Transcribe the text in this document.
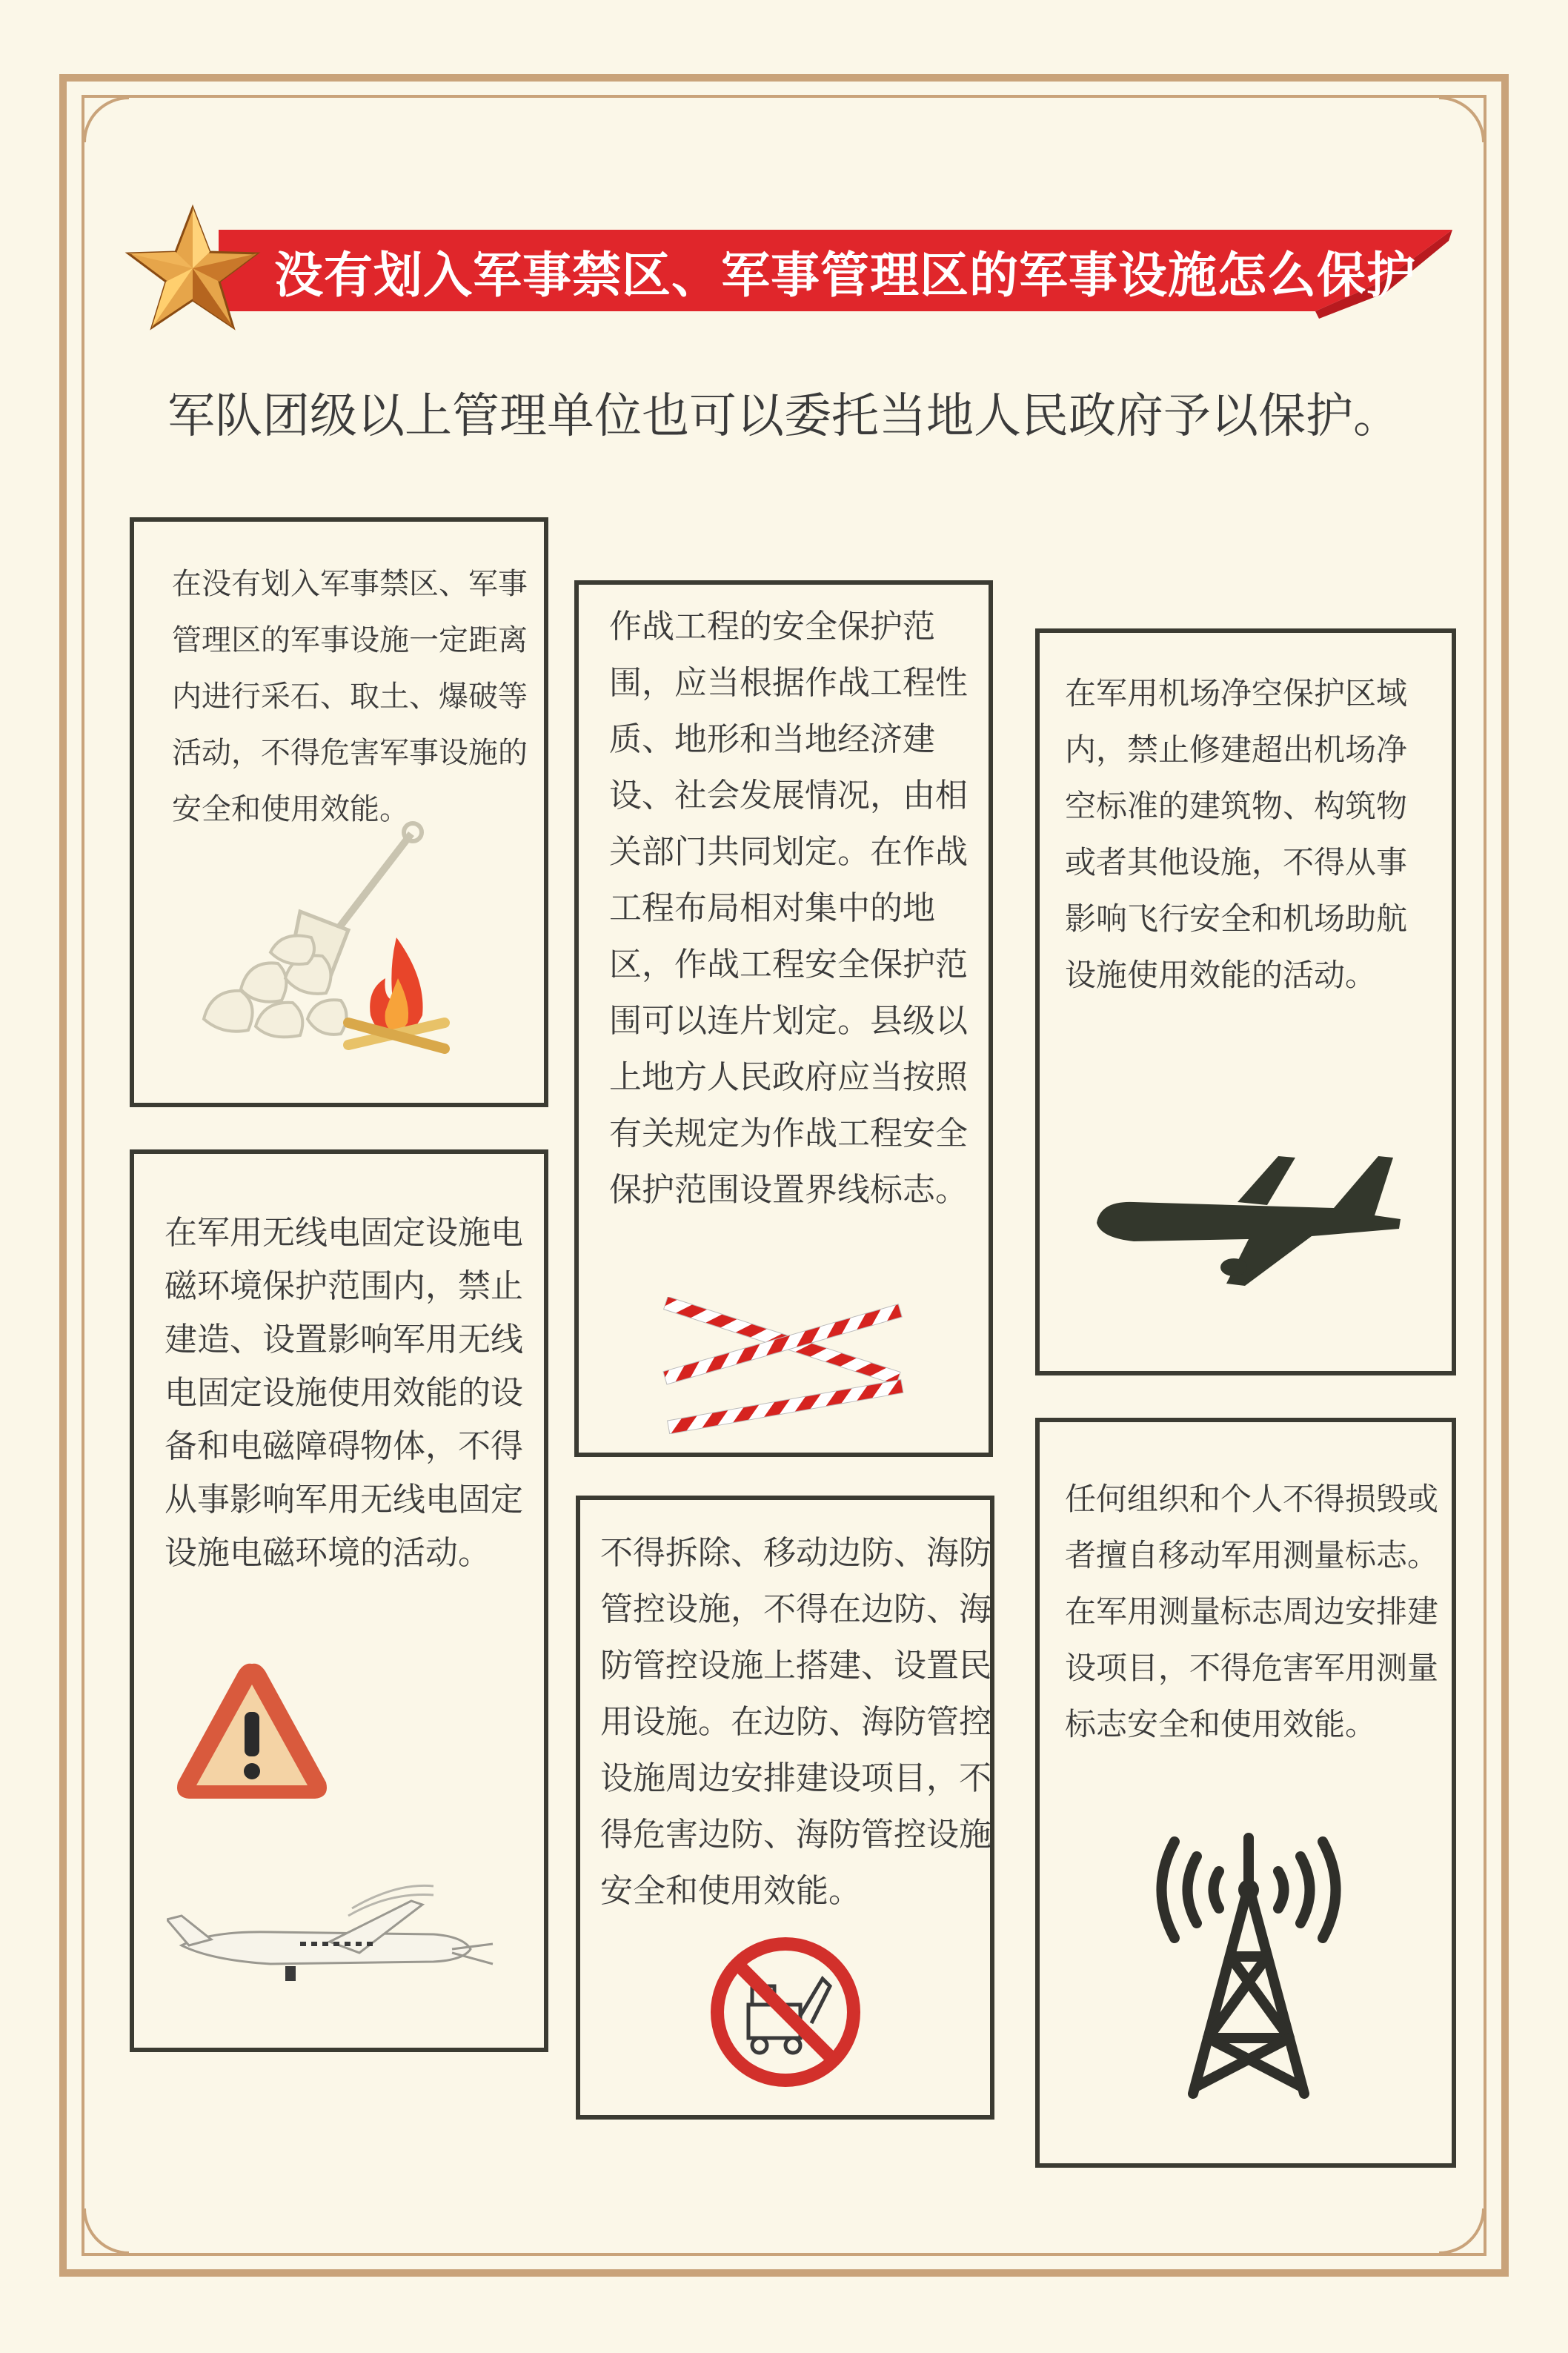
没有划入军事禁区、军事管理区的军事设施怎么保护
军队团级以上管理单位也可以委托当地人民政府予以保护。
在没有划入军事禁区、军事管理区的军事设施一定距离内进行采石、取土、爆破等活动，不得危害军事设施的安全和使用效能。
作战工程的安全保护范围，应当根据作战工程性质、地形和当地经济建设、社会发展情况，由相关部门共同划定。在作战工程布局相对集中的地区，作战工程安全保护范围可以连片划定。县级以上地方人民政府应当按照有关规定为作战工程安全保护范围设置界线标志。
在军用机场净空保护区域内，禁止修建超出机场净空标准的建筑物、构筑物或者其他设施，不得从事影响飞行安全和机场助航设施使用效能的活动。
在军用无线电固定设施电磁环境保护范围内，禁止建造、设置影响军用无线电固定设施使用效能的设备和电磁障碍物体，不得从事影响军用无线电固定设施电磁环境的活动。	不得拆除、移动边防、海防管控设施，不得在边防、海防管控设施上搭建、设置民用设施。在边防、海防管控设施周边安排建设项目，不得危害边防、海防管控设施安全和使用效能。
任何组织和个人不得损毁或者擅自移动军用测量标志。在军用测量标志周边安排建设项目，不得危害军用测量标志安全和使用效能。
